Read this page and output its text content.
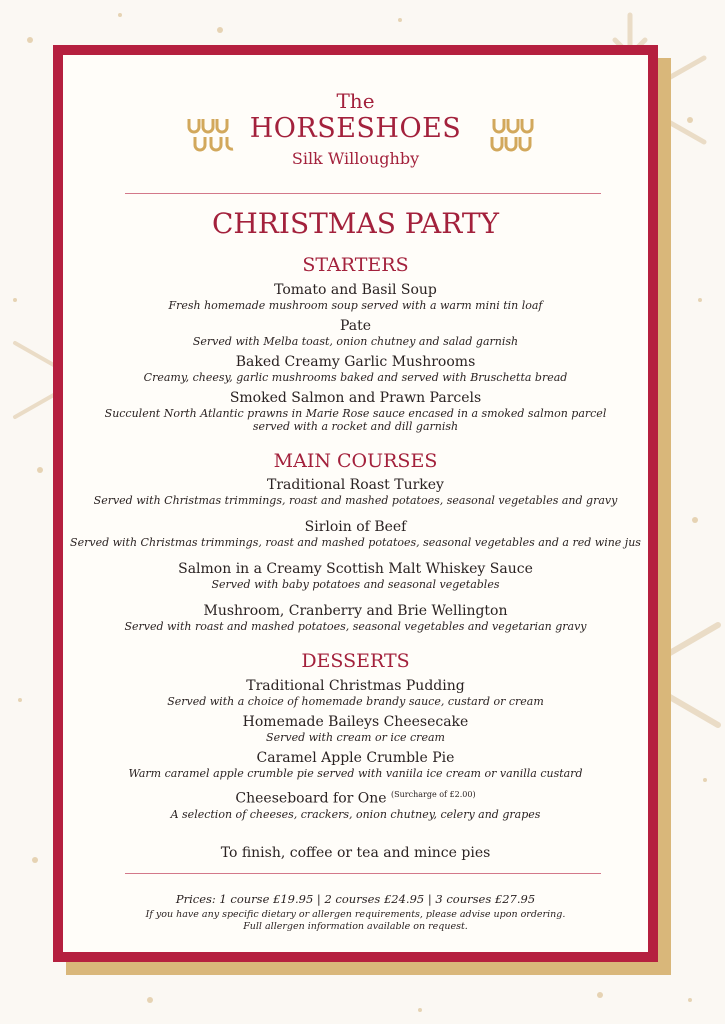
The
HORSESHOES
Silk Willoughby
CHRISTMAS PARTY
STARTERS
Tomato and Basil Soup
Fresh homemade mushroom soup served with a warm mini tin loaf
Pate
Served with Melba toast, onion chutney and salad garnish
Baked Creamy Garlic Mushrooms
Creamy, cheesy, garlic mushrooms baked and served with Bruschetta bread
Smoked Salmon and Prawn Parcels
Succulent North Atlantic prawns in Marie Rose sauce encased in a smoked salmon parcel
served with a rocket and dill garnish
MAIN COURSES
Traditional Roast Turkey
Served with Christmas trimmings, roast and mashed potatoes, seasonal vegetables and gravy
Sirloin of Beef
Served with Christmas trimmings, roast and mashed potatoes, seasonal vegetables and a red wine jus
Salmon in a Creamy Scottish Malt Whiskey Sauce
Served with baby potatoes and seasonal vegetables
Mushroom, Cranberry and Brie Wellington
Served with roast and mashed potatoes, seasonal vegetables and vegetarian gravy
DESSERTS
Traditional Christmas Pudding
Served with a choice of homemade brandy sauce, custard or cream
Homemade Baileys Cheesecake
Served with cream or ice cream
Caramel Apple Crumble Pie
Warm caramel apple crumble pie served with vaniila ice cream or vanilla custard
Cheeseboard for One $^{(Surcharge of £2.00)}$
A selection of cheeses, crackers, onion chutney, celery and grapes
To finish, coffee or tea and mince pies
Prices: 1 course £19.95 | 2 courses £24.95 | 3 courses £27.95
If you have any specific dietary or allergen requirements, please advise upon ordering.
Full allergen information available on request.
